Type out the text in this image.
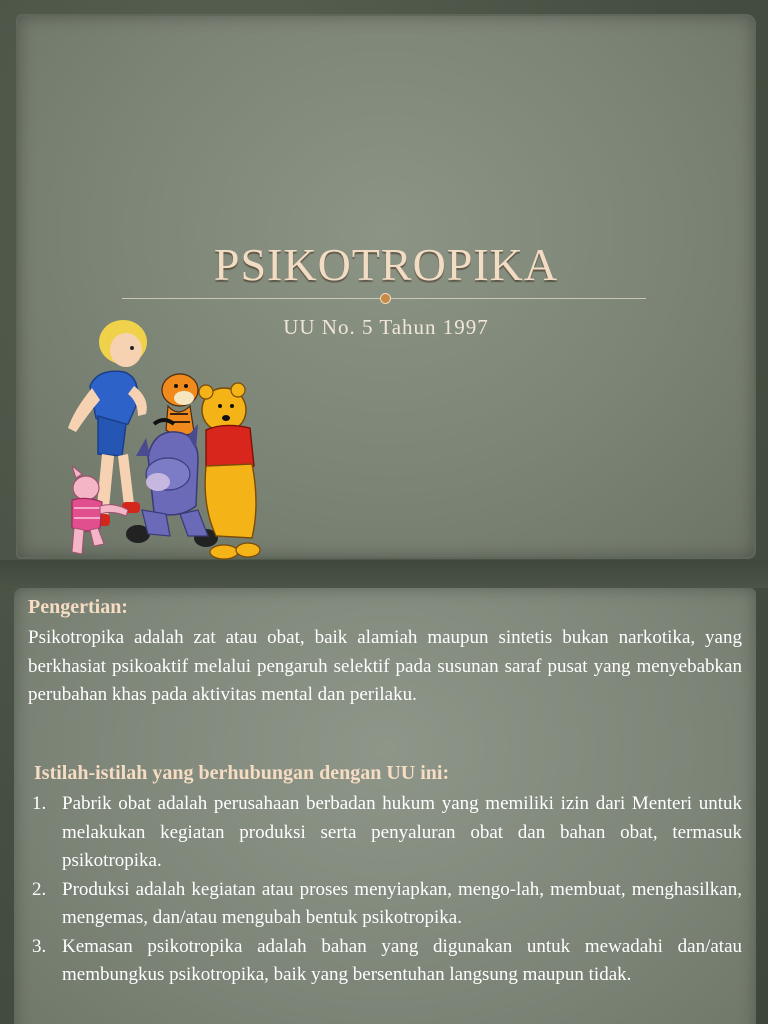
PSIKOTROPIKA
UU No. 5 Tahun 1997
Pengertian:
Psikotropika adalah zat atau obat, baik alamiah maupun sintetis bukan narkotika, yang berkhasiat psikoaktif melalui pengaruh selektif pada susunan saraf pusat yang menyebabkan perubahan khas pada aktivitas mental dan perilaku.
Istilah-istilah yang berhubungan dengan UU ini:
1. Pabrik obat adalah perusahaan berbadan hukum yang memiliki izin dari Menteri untuk melakukan kegiatan produksi serta penyaluran obat dan bahan obat, termasuk psikotropika.
2. Produksi adalah kegiatan atau proses menyiapkan, mengo-lah, membuat, menghasilkan, mengemas, dan/atau mengubah bentuk psikotropika.
3. Kemasan psikotropika adalah bahan yang digunakan untuk mewadahi dan/atau membungkus psikotropika, baik yang bersentuhan langsung maupun tidak.
